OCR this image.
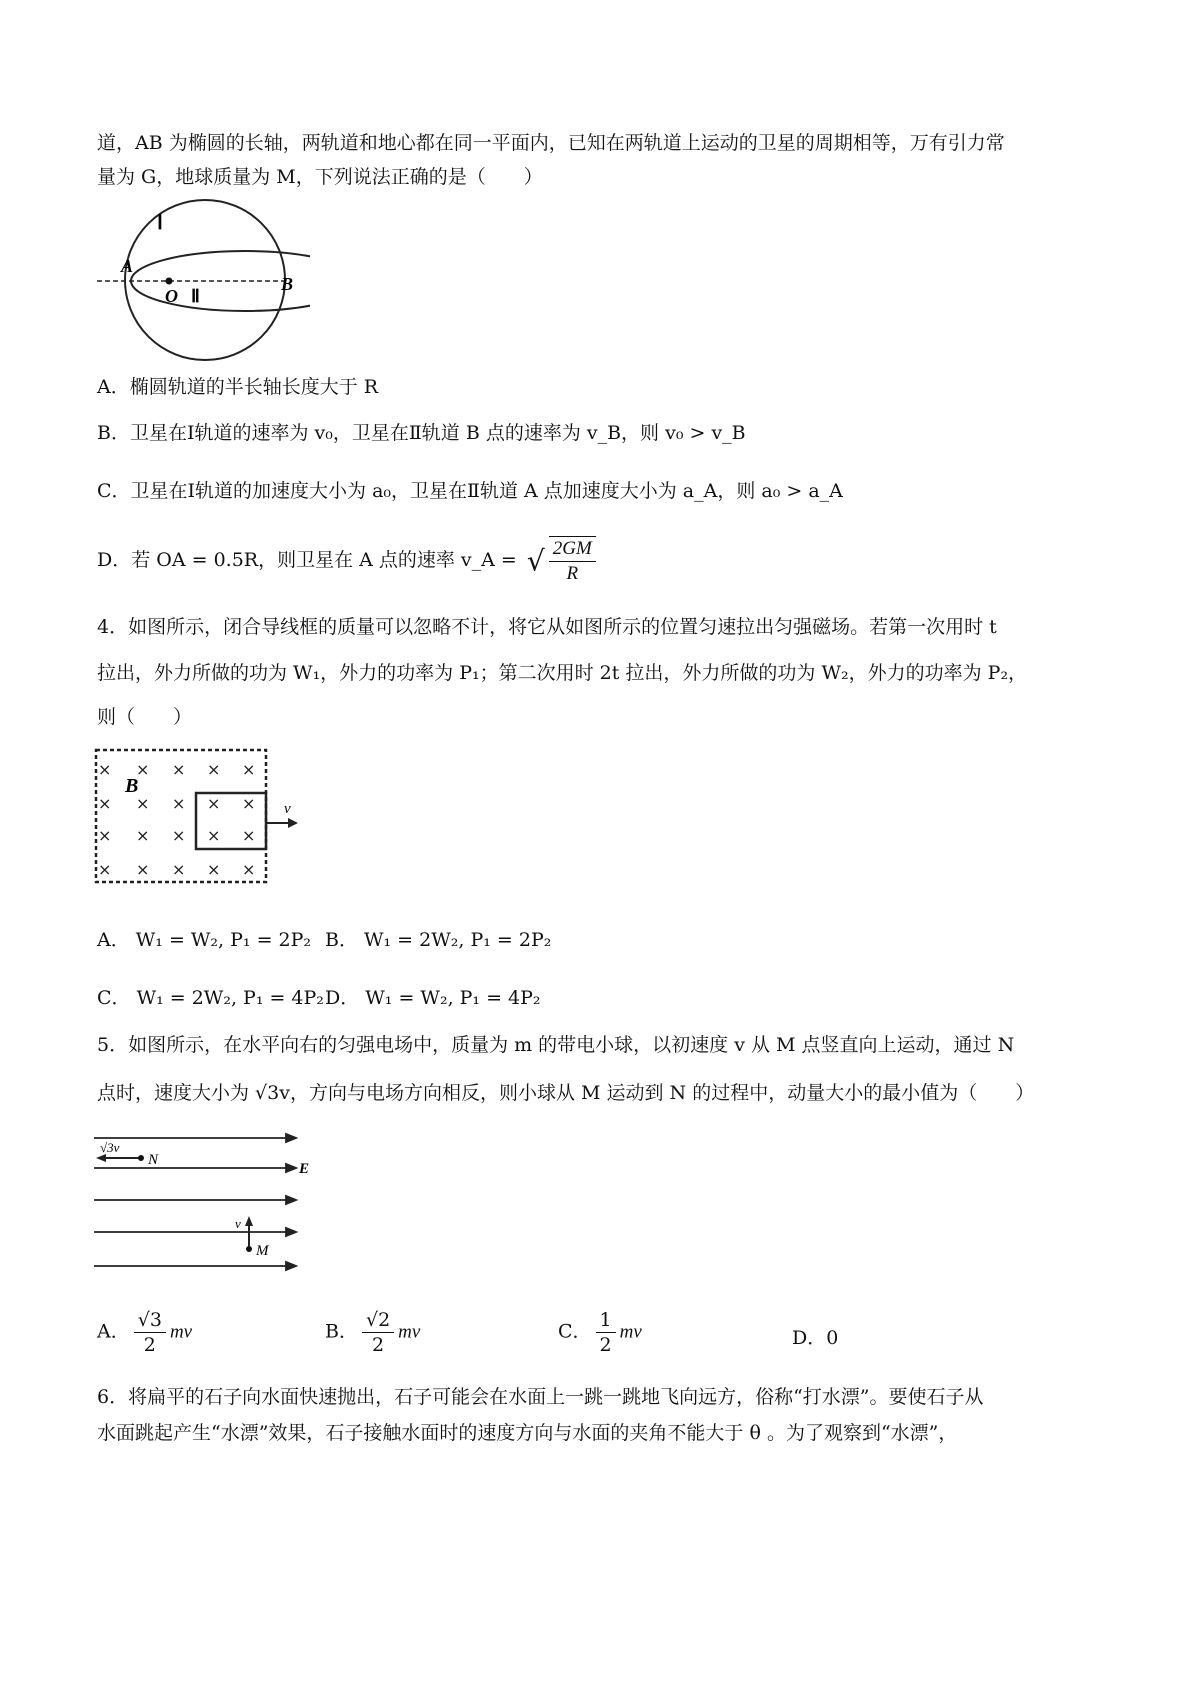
道，AB 为椭圆的长轴，两轨道和地心都在同一平面内，已知在两轨道上运动的卫星的周期相等，万有引力常
量为 G，地球质量为 M，下列说法正确的是（　　）
Ⅰ
A
B
O Ⅱ
A．椭圆轨道的半长轴长度大于 R
B．卫星在Ⅰ轨道的速率为 v₀，卫星在Ⅱ轨道 B 点的速率为 v_B，则 v₀ > v_B
C．卫星在Ⅰ轨道的加速度大小为 a₀，卫星在Ⅱ轨道 A 点加速度大小为 a_A，则 a₀ > a_A
D．若 OA = 0.5R，则卫星在 A 点的速率 v_A = √ $\frac{2GM}{R}$
4．如图所示，闭合导线框的质量可以忽略不计，将它从如图所示的位置匀速拉出匀强磁场。若第一次用时 t
拉出，外力所做的功为 W₁，外力的功率为 P₁；第二次用时 2t 拉出，外力所做的功为 W₂，外力的功率为 P₂，
则（　　）
× × × × ×
× × × × ×
× × × × ×
× × × × ×
B
v
A． W₁ = W₂, P₁ = 2P₂ B． W₁ = 2W₂, P₁ = 2P₂
C． W₁ = 2W₂, P₁ = 4P₂ D． W₁ = W₂, P₁ = 4P₂
5．如图所示，在水平向右的匀强电场中，质量为 m 的带电小球，以初速度 v 从 M 点竖直向上运动，通过 N
点时，速度大小为 √3v，方向与电场方向相反，则小球从 M 运动到 N 的过程中，动量大小的最小值为（　　）
√3v
N
E
v
M
A． $\frac{√3}{2}$ mv	B． $\frac{√2}{2}$ mv	C． $\frac{1}{2}$ mv	D．0
6．将扁平的石子向水面快速抛出，石子可能会在水面上一跳一跳地飞向远方，俗称“打水漂”。要使石子从
水面跳起产生“水漂”效果，石子接触水面时的速度方向与水面的夹角不能大于 θ 。为了观察到“水漂”，
